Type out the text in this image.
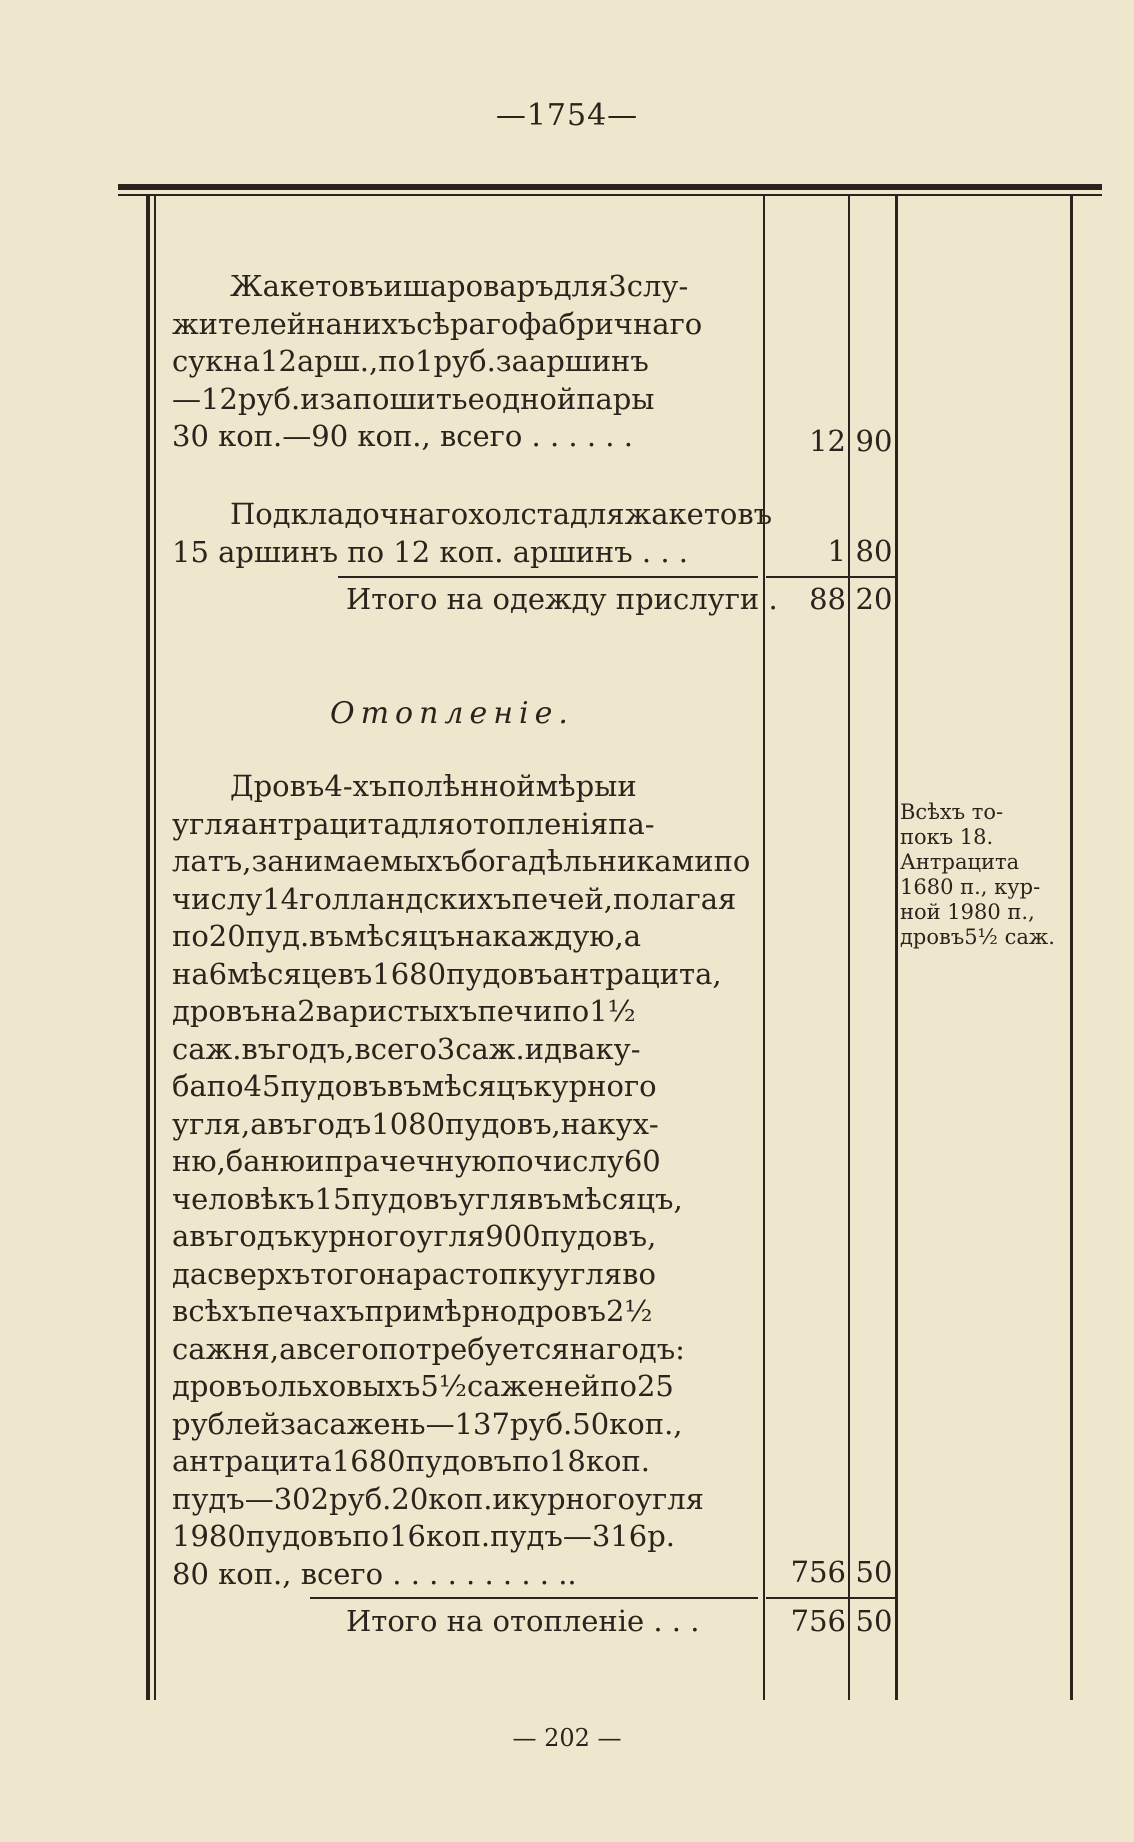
—1754—
Жакетовъишароваръдля3слу-
жителейнанихъсѣрагофабричнаго
сукна12арш.,по1руб.зааршинъ
—12руб.изапошитьеоднойпары
30 коп.—90 коп., всего . . . . . .	12 90
Подкладочнагохолстадляжакетовъ
15 аршинъ по 12 коп. аршинъ . . .	1 80
Итого на одежду прислуги .	88 20
Отопленіе.
Дровъ4-хъполѣнноймѣрыи
угляантрацитадляотопленіяпа-
латъ,занимаемыхъбогадѣльникамипо
числу14голландскихъпечей,полагая
по20пуд.въмѣсяцънакаждую,а
на6мѣсяцевъ1680пудовъантрацита,
дровъна2варистыхъпечипо1½
саж.въгодъ,всего3саж.идваку-
бапо45пудовъвъмѣсяцъкурного
угля,авъгодъ1080пудовъ,накух-
ню,банюипрачечнуюпочислу60
человѣкъ15пудовъуглявъмѣсяцъ,
авъгодъкурногоугля900пудовъ,
дасверхътогонарастопкуугляво
всѣхъпечахъпримѣрнодровъ2½
сажня,авсегопотребуетсянагодъ:
дровъольховыхъ5½саженейпо25
рублейзасажень—137руб.50коп.,
антрацита1680пудовъпо18коп.
пудъ—302руб.20коп.икурногоугля
1980пудовъпо16коп.пудъ—316р.
80 коп., всего . . . . . . . . . ..	756 50
Всѣхъ то-
покъ 18.
Антрацита
1680 п., кур-
ной 1980 п.,
дровъ5½ саж.
Итого на отопленіе . . .	756 50
— 202 —
